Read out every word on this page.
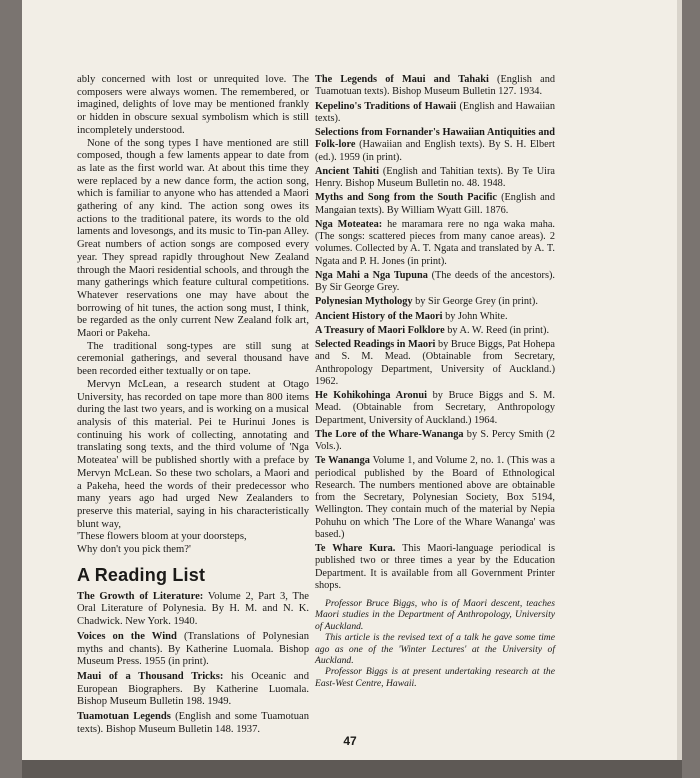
ably concerned with lost or unrequited love. The composers were always women. The remembered, or imagined, delights of love may be mentioned frankly or hidden in obscure sexual symbolism which is still incompletely understood.

None of the song types I have mentioned are still composed, though a few laments appear to date from as late as the first world war. At about this time they were replaced by a new dance form, the action song, which is familiar to anyone who has attended a Maori gathering of any kind. The action song owes its actions to the traditional patere, its words to the old laments and lovesongs, and its music to Tin-pan Alley. Great numbers of action songs are composed every year. They spread rapidly throughout New Zealand through the Maori residential schools, and through the many gatherings which feature cultural competitions. Whatever reservations one may have about the borrowing of hit tunes, the action song must, I think, be regarded as the only current New Zealand folk art, Maori or Pakeha.

The traditional song-types are still sung at ceremonial gatherings, and several thousand have been recorded either textually or on tape.

Mervyn McLean, a research student at Otago University, has recorded on tape more than 800 items during the last two years, and is working on a musical analysis of this material. Pei te Hurinui Jones is continuing his work of collecting, annotating and translating song texts, and the third volume of 'Nga Moteatea' will be published shortly with a preface by Mervyn McLean. So these two scholars, a Maori and a Pakeha, heed the words of their predecessor who many years ago had urged New Zealanders to preserve this material, saying in his characteristically blunt way,

'These flowers bloom at your doorsteps,

Why don't you pick them?'

A Reading List
The Growth of Literature: Volume 2, Part 3, The Oral Literature of Polynesia. By H. M. and N. K. Chadwick. New York. 1940.
Voices on the Wind (Translations of Polynesian myths and chants). By Katherine Luomala. Bishop Museum Press. 1955 (in print).
Maui of a Thousand Tricks: his Oceanic and European Biographers. By Katherine Luomala. Bishop Museum Bulletin 198. 1949.
Tuamotuan Legends (English and some Tuamotuan texts). Bishop Museum Bulletin 148. 1937.
The Legends of Maui and Tahaki (English and Tuamotuan texts). Bishop Museum Bulletin 127. 1934.
Kepelino's Traditions of Hawaii (English and Hawaiian texts).
Selections from Fornander's Hawaiian Antiquities and Folk-lore (Hawaiian and English texts). By S. H. Elbert (ed.). 1959 (in print).
Ancient Tahiti (English and Tahitian texts). By Te Uira Henry. Bishop Museum Bulletin no. 48. 1948.
Myths and Song from the South Pacific (English and Mangaian texts). By William Wyatt Gill. 1876.
Nga Moteatea: he maramara rere no nga waka maha. (The songs: scattered pieces from many canoe areas). 2 volumes. Collected by A. T. Ngata and translated by A. T. Ngata and P. H. Jones (in print).
Nga Mahi a Nga Tupuna (The deeds of the ancestors). By Sir George Grey.
Polynesian Mythology by Sir George Grey (in print).
Ancient History of the Maori by John White.
A Treasury of Maori Folklore by A. W. Reed (in print).
Selected Readings in Maori by Bruce Biggs, Pat Hohepa and S. M. Mead. (Obtainable from Secretary, Anthropology Department, University of Auckland.) 1962.
He Kohikohinga Aronui by Bruce Biggs and S. M. Mead. (Obtainable from Secretary, Anthropology Department, University of Auckland.) 1964.
The Lore of the Whare-Wananga by S. Percy Smith (2 Vols.).
Te Wananga Volume 1, and Volume 2, no. 1. (This was a periodical published by the Board of Ethnological Research. The numbers mentioned above are obtainable from the Secretary, Polynesian Society, Box 5194, Wellington. They contain much of the material by Nepia Pohuhu on which 'The Lore of the Whare Wananga' was based.)
Te Whare Kura. This Maori-language periodical is published two or three times a year by the Education Department. It is available from all Government Printer shops.

Professor Bruce Biggs, who is of Maori descent, teaches Maori studies in the Department of Anthropology, University of Auckland.

This article is the revised text of a talk he gave some time ago as one of the 'Winter Lectures' at the University of Auckland.

Professor Biggs is at present undertaking research at the East-West Centre, Hawaii.

47
